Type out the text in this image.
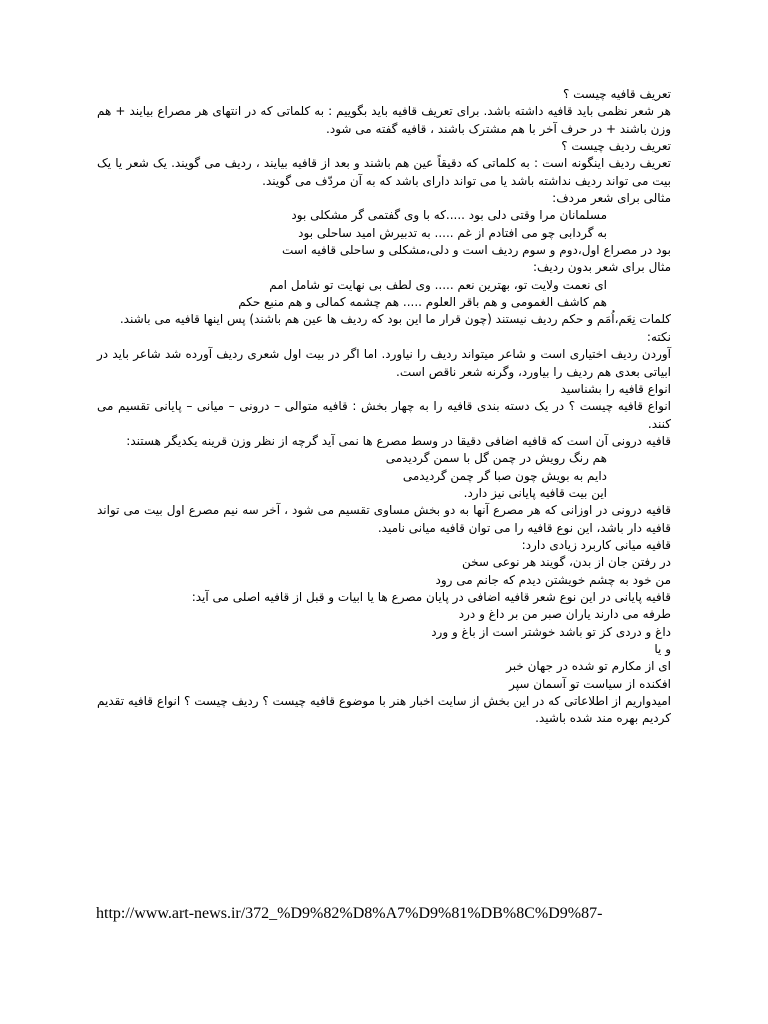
تعریف قافیه چیست ؟

هر شعر نظمی باید قافیه داشته باشد. برای تعریف قافیه باید بگوییم : به کلماتی که در انتهای هر مصراع بیایند + هم وزن باشند + در حرف آخر با هم مشترک باشند ، قافیه گفته می شود.

تعریف ردیف چیست ؟

تعریف ردیف اینگونه است : به کلماتی که دقیقاً عین هم باشند و بعد از قافیه بیایند ، ردیف می گویند. یک شعر یا یک بیت می تواند ردیف نداشته باشد یا می تواند دارای باشد که به آن مردّف می گویند.

مثالی برای شعر مردف:

مسلمانان مرا وقتی دلی بود .....که با وی گفتمی گر مشکلی بود

به گردابی چو می افتادم از غم ..... به تدبیرش امید ساحلی بود

بود در مصراع اول،دوم و سوم ردیف است و دلی،مشکلی و ساحلی قافیه است

مثال برای شعر بدون ردیف:

ای نعمت ولایت تو، بهترین نعم ..... وی لطف بی نهایت تو شامل امم

هم کاشف الغمومی و هم باقر العلوم ..... هم چشمه کمالی و هم منبع حکم

کلمات نِعَم،اُمَم و حکم ردیف نیستند (چون قرار ما این بود که ردیف ها عین هم باشند) پس اینها قافیه می باشند.

نکته:

آوردن ردیف اختیاری است و شاعر میتواند ردیف را نیاورد. اما اگر در بیت اول شعری ردیف آورده شد شاعر باید در ابیاتی بعدی هم ردیف را بیاورد، وگرنه شعر ناقص است.

انواع قافیه را بشناسید

انواع قافیه چیست ؟ در یک دسته بندی قافیه را به چهار بخش : قافیه متوالی – درونی – میانی – پایانی تقسیم می کنند.

قافیه درونی آن است که قافیه اضافی دقیقا در وسط مصرع ها نمی آید گرچه از نظر وزن قرینه یکدیگر هستند:

هم رنگ رویش در چمن گل با سمن گردیدمی

دایم به بویش چون صبا گر چمن گردیدمی

این بیت قافیه پایانی نیز دارد.

قافیه درونی در اوزانی که هر مصرع آنها به دو بخش مساوی تقسیم می شود ، آخر سه نیم مصرع اول بیت می تواند قافیه دار باشد، این نوع قافیه را می توان قافیه میانی نامید.

قافیه میانی کاربرد زیادی دارد:

در رفتن جان از بدن، گویند هر نوعی سخن

من خود به چشم خویشتن دیدم که جانم می رود

قافیه پایانی در این نوع شعر قافیه اضافی در پایان مصرع ها یا ابیات و قبل از قافیه اصلی می آید:

طرفه می دارند یاران صبر من بر داغ و درد

داغ و دردی کز تو باشد خوشتر است از باغ و ورد

و یا

ای از مکارم تو شده در جهان خبر

افکنده از سیاست تو آسمان سپر

امیدواریم از اطلاعاتی که در این بخش از سایت اخبار هنر با موضوع قافیه چیست ؟ ردیف چیست ؟ انواع قافیه تقدیم کردیم بهره مند شده باشید.

http://www.art-news.ir/372_%D9%82%D8%A7%D9%81%DB%8C%D9%87-
